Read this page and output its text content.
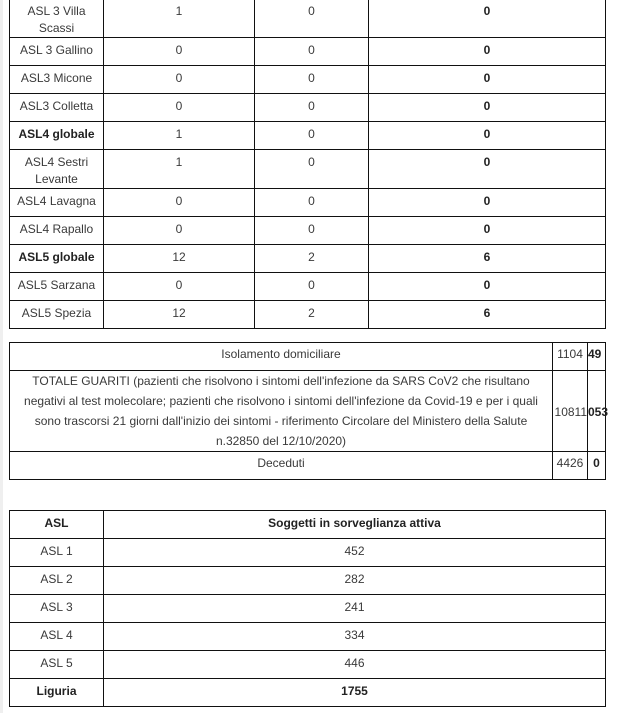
ASL 3 Villa Scassi	1	0	0
ASL 3 Gallino	0	0	0
ASL3 Micone	0	0	0
ASL3 Colletta	0	0	0
ASL4 globale	1	0	0
ASL4 Sestri Levante	1	0	0
ASL4 Lavagna	0	0	0
ASL4 Rapallo	0	0	0
ASL5 globale	12	2	6
ASL5 Sarzana	0	0	0
ASL5 Spezia	12	2	6
Isolamento domiciliare	1104	49
TOTALE GUARITI (pazienti che risolvono i sintomi dell'infezione da SARS CoV2 che risultano negativi al test molecolare; pazienti che risolvono i sintomi dell'infezione da Covid-19 e per i quali sono trascorsi 21 giorni dall'inizio dei sintomi - riferimento Circolare del Ministero della Salute n.32850 del 12/10/2020)	10811	053
Deceduti	4426	0
ASL	Soggetti in sorveglianza attiva
ASL 1	452
ASL 2	282
ASL 3	241
ASL 4	334
ASL 5	446
Liguria	1755
